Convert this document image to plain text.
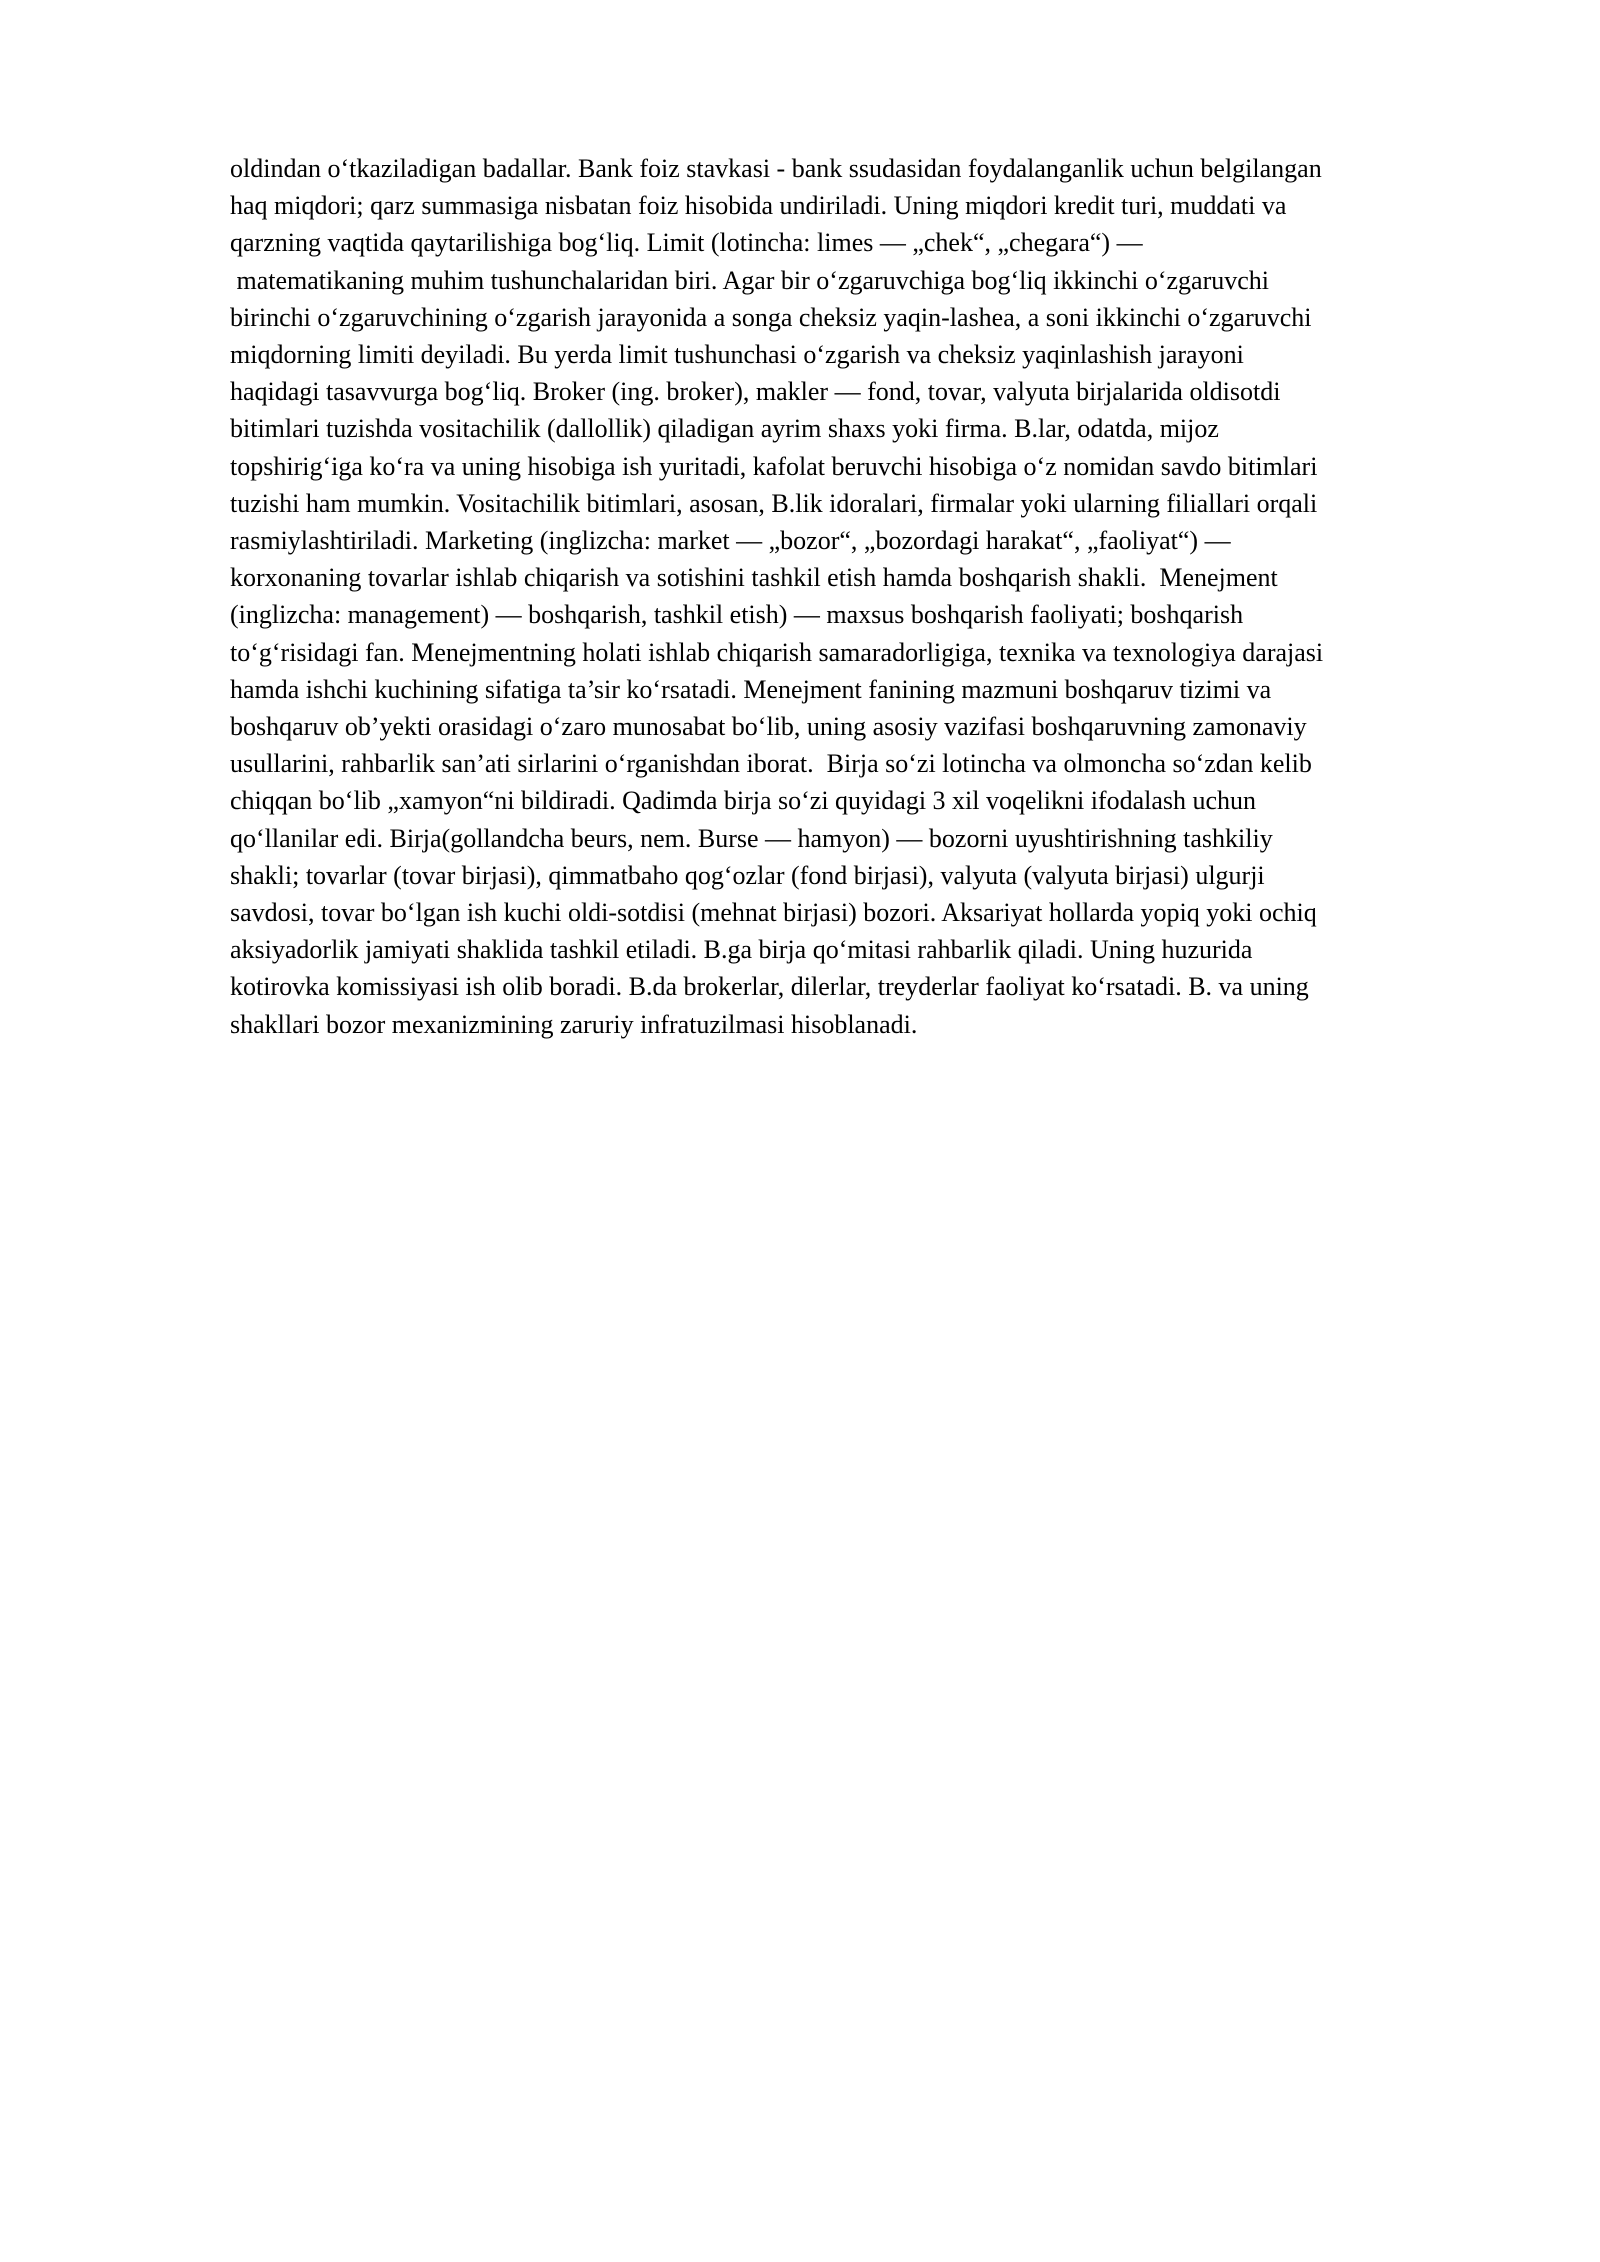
oldindan o‘tkaziladigan badallar. Bank foiz stavkasi - bank ssudasidan foydalanganlik uchun belgilangan
haq miqdori; qarz summasiga nisbatan foiz hisobida undiriladi. Uning miqdori kredit turi, muddati va
qarzning vaqtida qaytarilishiga bog‘liq. Limit (lotincha: limes — „chek“, „chegara“) —
matematikaning muhim tushunchalaridan biri. Agar bir o‘zgaruvchiga bog‘liq ikkinchi o‘zgaruvchi
birinchi o‘zgaruvchining o‘zgarish jarayonida a songa cheksiz yaqin-lashea, a soni ikkinchi o‘zgaruvchi
miqdorning limiti deyiladi. Bu yerda limit tushunchasi o‘zgarish va cheksiz yaqinlashish jarayoni
haqidagi tasavvurga bog‘liq. Broker (ing. broker), makler — fond, tovar, valyuta birjalarida oldisotdi
bitimlari tuzishda vositachilik (dallollik) qiladigan ayrim shaxs yoki firma. B.lar, odatda, mijoz
topshirig‘iga ko‘ra va uning hisobiga ish yuritadi, kafolat beruvchi hisobiga o‘z nomidan savdo bitimlari
tuzishi ham mumkin. Vositachilik bitimlari, asosan, B.lik idoralari, firmalar yoki ularning filiallari orqali
rasmiylashtiriladi. Marketing (inglizcha: market — „bozor“, „bozordagi harakat“, „faoliyat“) —
korxonaning tovarlar ishlab chiqarish va sotishini tashkil etish hamda boshqarish shakli.  Menejment
(inglizcha: management) — boshqarish, tashkil etish) — maxsus boshqarish faoliyati; boshqarish
to‘g‘risidagi fan. Menejmentning holati ishlab chiqarish samaradorligiga, texnika va texnologiya darajasi
hamda ishchi kuchining sifatiga ta’sir ko‘rsatadi. Menejment fanining mazmuni boshqaruv tizimi va
boshqaruv ob’yekti orasidagi o‘zaro munosabat bo‘lib, uning asosiy vazifasi boshqaruvning zamonaviy
usullarini, rahbarlik san’ati sirlarini o‘rganishdan iborat.  Birja so‘zi lotincha va olmoncha so‘zdan kelib
chiqqan bo‘lib „xamyon“ni bildiradi. Qadimda birja so‘zi quyidagi 3 xil voqelikni ifodalash uchun
qo‘llanilar edi. Birja(gollandcha beurs, nem. Burse — hamyon) — bozorni uyushtirishning tashkiliy
shakli; tovarlar (tovar birjasi), qimmatbaho qog‘ozlar (fond birjasi), valyuta (valyuta birjasi) ulgurji
savdosi, tovar bo‘lgan ish kuchi oldi-sotdisi (mehnat birjasi) bozori. Aksariyat hollarda yopiq yoki ochiq
aksiyadorlik jamiyati shaklida tashkil etiladi. B.ga birja qo‘mitasi rahbarlik qiladi. Uning huzurida
kotirovka komissiyasi ish olib boradi. B.da brokerlar, dilerlar, treyderlar faoliyat ko‘rsatadi. B. va uning
shakllari bozor mexanizmining zaruriy infratuzilmasi hisoblanadi.
